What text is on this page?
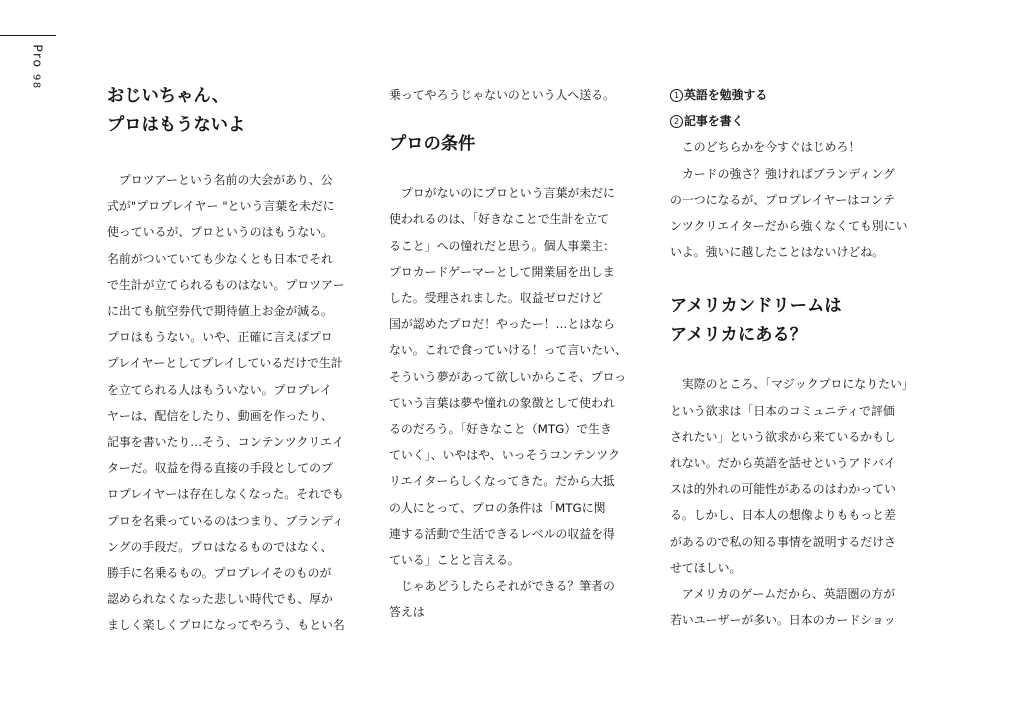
Pro 98
おじいちゃん、
プロはもうないよ

　プロツアーという名前の大会があり、公
式が"プロプレイヤー "という言葉を未だに
使っているが、プロというのはもうない。
名前がついていても少なくとも日本でそれ
で生計が立てられるものはない。プロツアー
に出ても航空券代で期待値上お金が減る。
プロはもうない。いや、正確に言えばプロ
プレイヤーとしてプレイしているだけで生計
を立てられる人はもういない。プロプレイ
ヤーは、配信をしたり、動画を作ったり、
記事を書いたり…そう、コンテンツクリエイ
ターだ。収益を得る直接の手段としてのプ
ロプレイヤーは存在しなくなった。それでも
プロを名乗っているのはつまり、ブランディ
ングの手段だ。プロはなるものではなく、
勝手に名乗るもの。プロプレイそのものが
認められなくなった悲しい時代でも、厚か
ましく楽しくプロになってやろう、もとい名

乗ってやろうじゃないのという人へ送る。

プロの条件

　プロがないのにプロという言葉が未だに
使われるのは、「好きなことで生計を立て
ること」への憧れだと思う。個人事業主：
プロカードゲーマーとして開業届を出しま
した。受理されました。収益ゼロだけど
国が認めたプロだ！やったー！…とはなら
ない。これで食っていける！って言いたい、
そういう夢があって欲しいからこそ、プロっ
ていう言葉は夢や憧れの象徴として使われ
るのだろう。「好きなこと（MTG）で生き
ていく」、いやはや、いっそうコンテンツク
リエイターらしくなってきた。だから大抵
の人にとって、プロの条件は「MTGに関
連する活動で生活できるレベルの収益を得
ている」ことと言える。
　じゃあどうしたらそれができる？筆者の
答えは

1 英語を勉強する
2 記事を書く

　このどちらかを今すぐはじめろ！
　カードの強さ？強ければブランディング
の一つになるが、プロプレイヤーはコンテ
ンツクリエイターだから強くなくても別にい
いよ。強いに越したことはないけどね。

アメリカンドリームは
アメリカにある？

　実際のところ、「マジックプロになりたい」
という欲求は「日本のコミュニティで評価
されたい」という欲求から来ているかもし
れない。だから英語を話せというアドバイ
スは的外れの可能性があるのはわかってい
る。しかし、日本人の想像よりももっと差
があるので私の知る事情を説明するだけさ
せてほしい。
　アメリカのゲームだから、英語圏の方が
若いユーザーが多い。日本のカードショッ
